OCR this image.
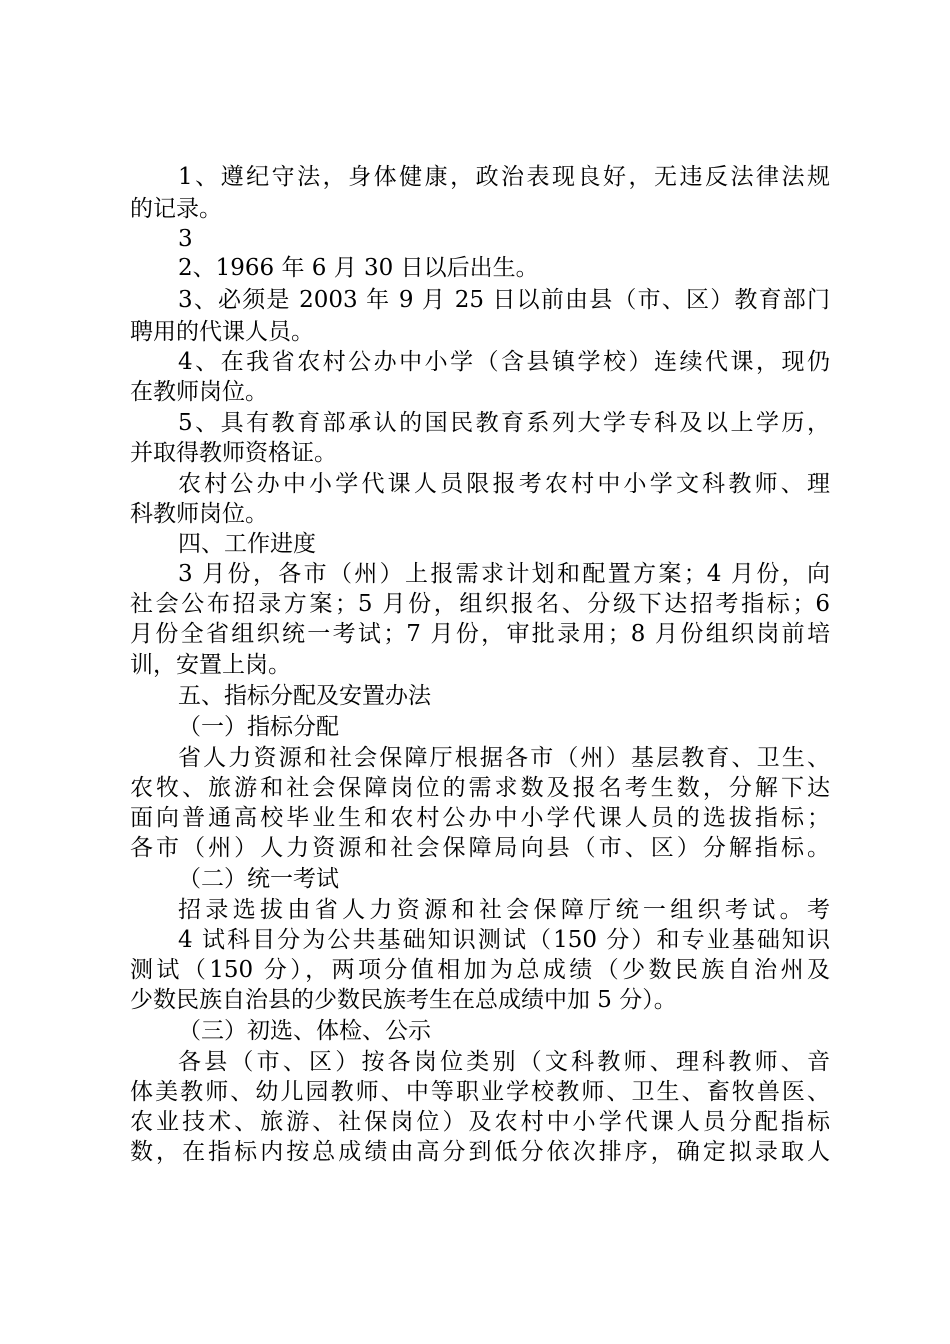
1、遵纪守法，身体健康，政治表现良好，无违反法律法规
的记录。
3
2、1966 年 6 月 30 日以后出生。
3、必须是 2003 年 9 月 25 日以前由县（市、区）教育部门
聘用的代课人员。
4、在我省农村公办中小学（含县镇学校）连续代课，现仍
在教师岗位。
5、具有教育部承认的国民教育系列大学专科及以上学历，
并取得教师资格证。
农村公办中小学代课人员限报考农村中小学文科教师、理
科教师岗位。
四、工作进度
3 月份，各市（州）上报需求计划和配置方案；4 月份，向
社会公布招录方案；5 月份，组织报名、分级下达招考指标；6
月份全省组织统一考试；7 月份，审批录用；8 月份组织岗前培
训，安置上岗。
五、指标分配及安置办法
（一）指标分配
省人力资源和社会保障厅根据各市（州）基层教育、卫生、
农牧、旅游和社会保障岗位的需求数及报名考生数，分解下达
面向普通高校毕业生和农村公办中小学代课人员的选拔指标；
各市（州）人力资源和社会保障局向县（市、区）分解指标。
（二）统一考试
招录选拔由省人力资源和社会保障厅统一组织考试。考
4 试科目分为公共基础知识测试（150 分）和专业基础知识
测试（150 分），两项分值相加为总成绩（少数民族自治州及
少数民族自治县的少数民族考生在总成绩中加 5 分）。
（三）初选、体检、公示
各县（市、区）按各岗位类别（文科教师、理科教师、音
体美教师、幼儿园教师、中等职业学校教师、卫生、畜牧兽医、
农业技术、旅游、社保岗位）及农村中小学代课人员分配指标
数，在指标内按总成绩由高分到低分依次排序，确定拟录取人
